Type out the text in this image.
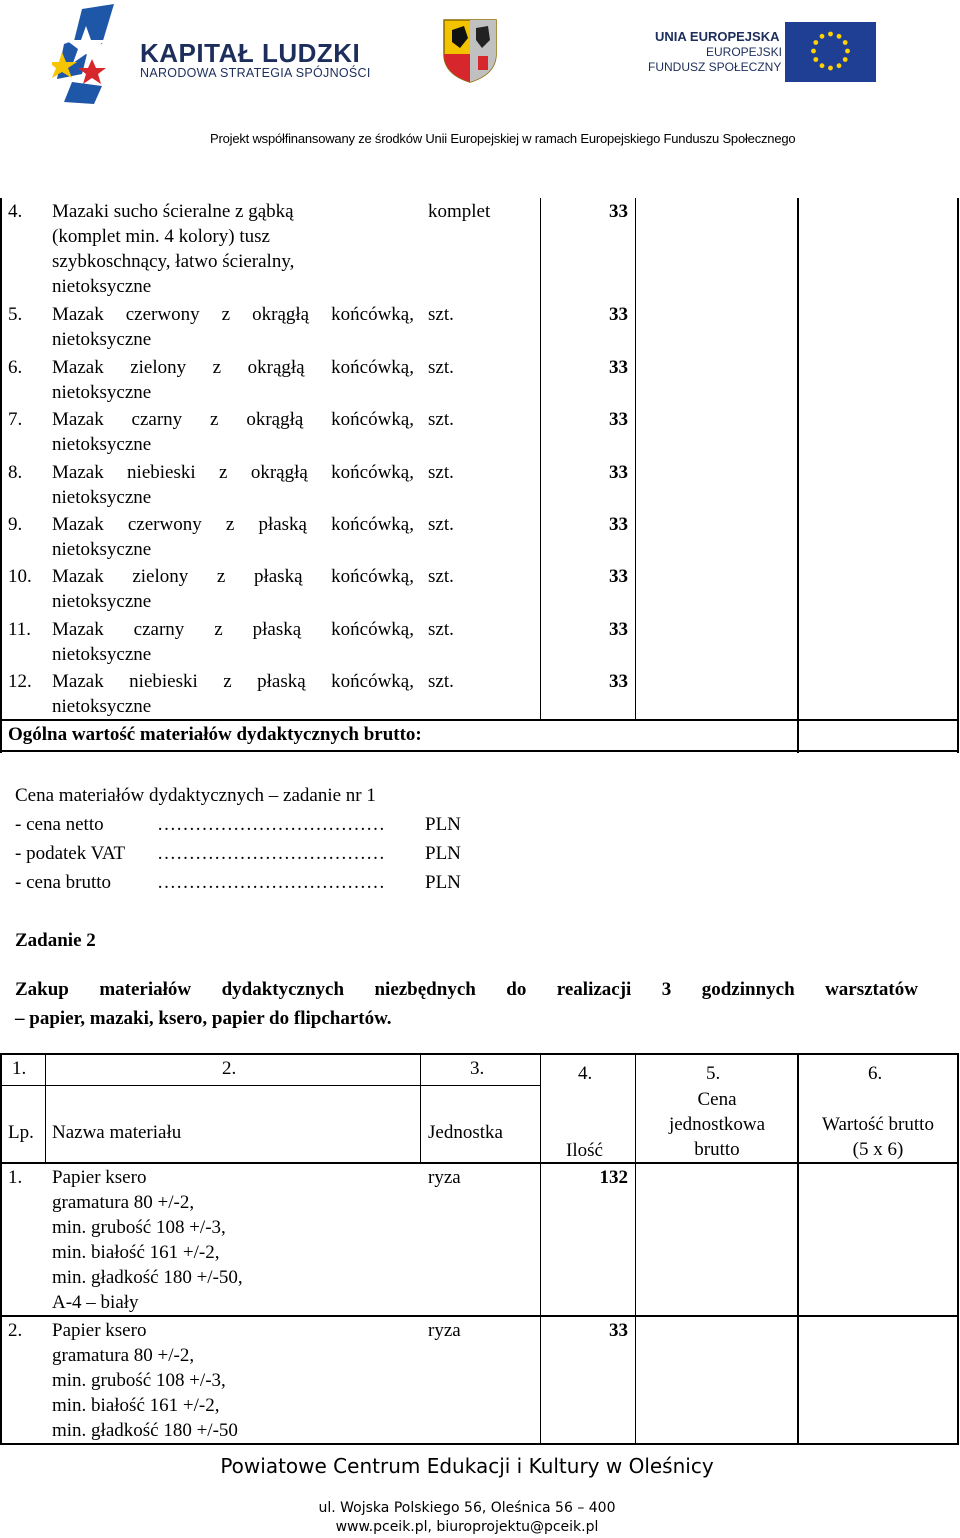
KAPITAŁ LUDZKI
NARODOWA STRATEGIA SPÓJNOŚCI
UNIA EUROPEJSKA
EUROPEJSKI
FUNDUSZ SPOŁECZNY
Projekt współfinansowany ze środków Unii Europejskiej w ramach Europejskiego Funduszu Społecznego
4. Mazaki sucho ścieralne z gąbką
(komplet min. 4 kolory) tusz
szybkoschnący, łatwo ścieralny,
nietoksyczne
komplet	33
5. Mazak czerwony z okrągłą końcówką,
nietoksyczne
szt.	33
6. Mazak zielony z okrągłą końcówką,
nietoksyczne
szt.	33
7. Mazak czarny z okrągłą końcówką,
nietoksyczne
szt.	33
8. Mazak niebieski z okrągłą końcówką,
nietoksyczne
szt.	33
9. Mazak czerwony z płaską końcówką,
nietoksyczne
szt.	33
10. Mazak zielony z płaską końcówką,
nietoksyczne
szt.	33
11. Mazak czarny z płaską końcówką,
nietoksyczne
szt.	33
12. Mazak niebieski z płaską końcówką,
nietoksyczne
szt.	33
Ogólna wartość materiałów dydaktycznych brutto:
Cena materiałów dydaktycznych – zadanie nr 1
- cena netto	……………………………… PLN
- podatek VAT ……………………………… PLN
- cena brutto ……………………………… PLN
Zadanie 2
Zakup materiałów dydaktycznych niezbędnych do realizacji 3 godzinnych warsztatów
– papier, mazaki, ksero, papier do flipchartów.
1.	2.	3.	4.	5.	6.
Lp. Nazwa materiału	Jednostka
Ilość
Cena
jednostkowa
brutto
Wartość brutto
(5 x 6)
1. Papier ksero
gramatura 80 +/-2,
min. grubość 108 +/-3,
min. białość 161 +/-2,
min. gładkość 180 +/-50,
A-4 – biały
ryza	132
2. Papier ksero
gramatura 80 +/-2,
min. grubość 108 +/-3,
min. białość 161 +/-2,
min. gładkość 180 +/-50
ryza	33
Powiatowe Centrum Edukacji i Kultury w Oleśnicy
ul. Wojska Polskiego 56, Oleśnica 56 – 400
www.pceik.pl, biuroprojektu@pceik.pl
